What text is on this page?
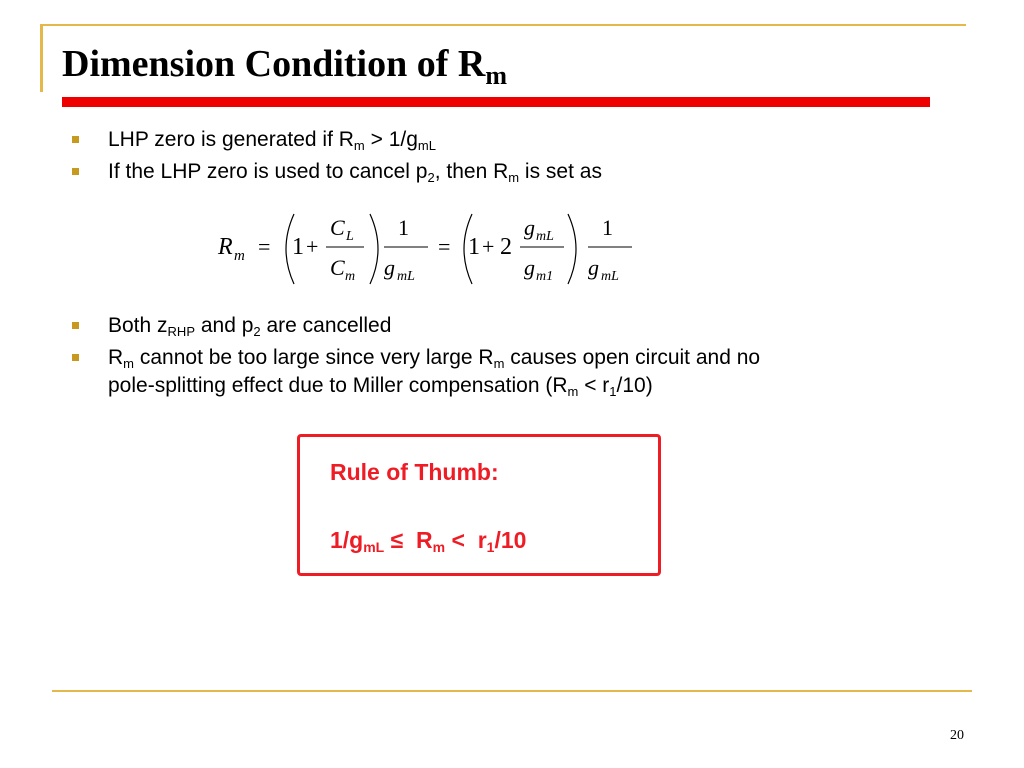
Dimension Condition of $R_m$
LHP zero is generated if $R_m > 1/g_{mL}$
If the LHP zero is used to cancel $p_2$, then $R_m$ is set as
R m = 1 +
C L
C m
1
g mL
= 1 + 2
g mL
g m1
1
g mL
Both $z_{RHP}$ and $p_2$ are cancelled
$R_m$ cannot be too large since very large $R_m$ causes open circuit and no
pole-splitting effect due to Miller compensation $(R_m < r_1/10)$
Rule of Thumb:
$1/g_{mL} \le R_m < r_1/10$
20
